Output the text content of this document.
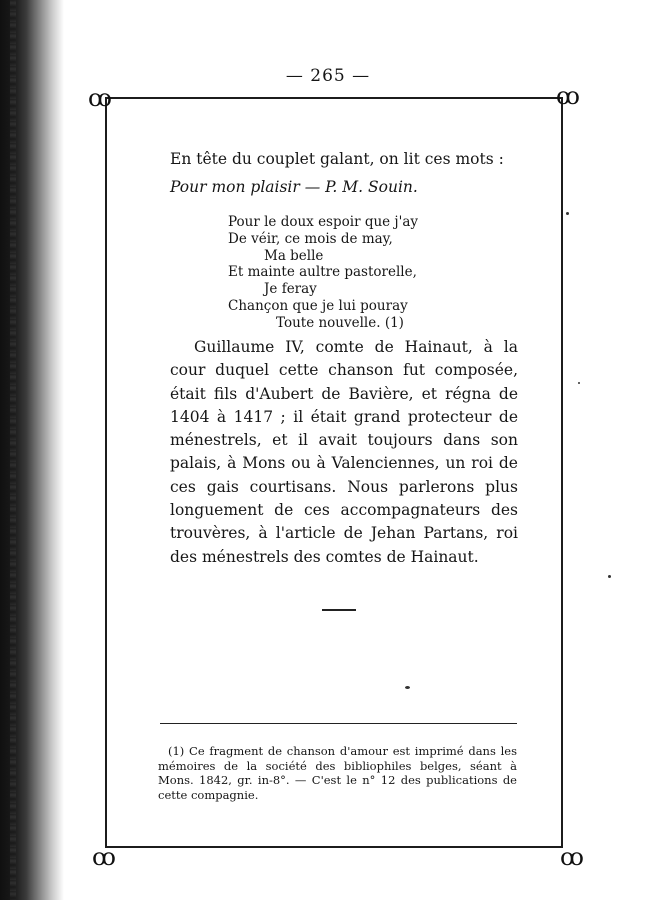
— 265 —
ꝏ	ꝏ
ꝏ	ꝏ
En tête du couplet galant, on lit ces mots :
Pour mon plaisir — P. M. Souin.
Pour le doux espoir que j'ay
De véir, ce mois de may,
Ma belle
Et mainte aultre pastorelle,
Je feray
Chançon que je lui pouray
Toute nouvelle. (1)

Guillaume IV, comte de Hainaut, à la cour duquel cette chanson fut composée, était fils d'Aubert de Bavière, et régna de 1404 à 1417 ; il était grand protecteur de ménestrels, et il avait toujours dans son palais, à Mons ou à Valenciennes, un roi de ces gais courtisans. Nous parlerons plus longuement de ces accompagnateurs des trouvères, à l'article de Jehan Partans, roi des ménestrels des comtes de Hainaut.

(1) Ce fragment de chanson d'amour est imprimé dans les mémoires de la société des bibliophiles belges, séant à Mons. 1842, gr. in-8°. — C'est le n° 12 des publications de cette compagnie.
